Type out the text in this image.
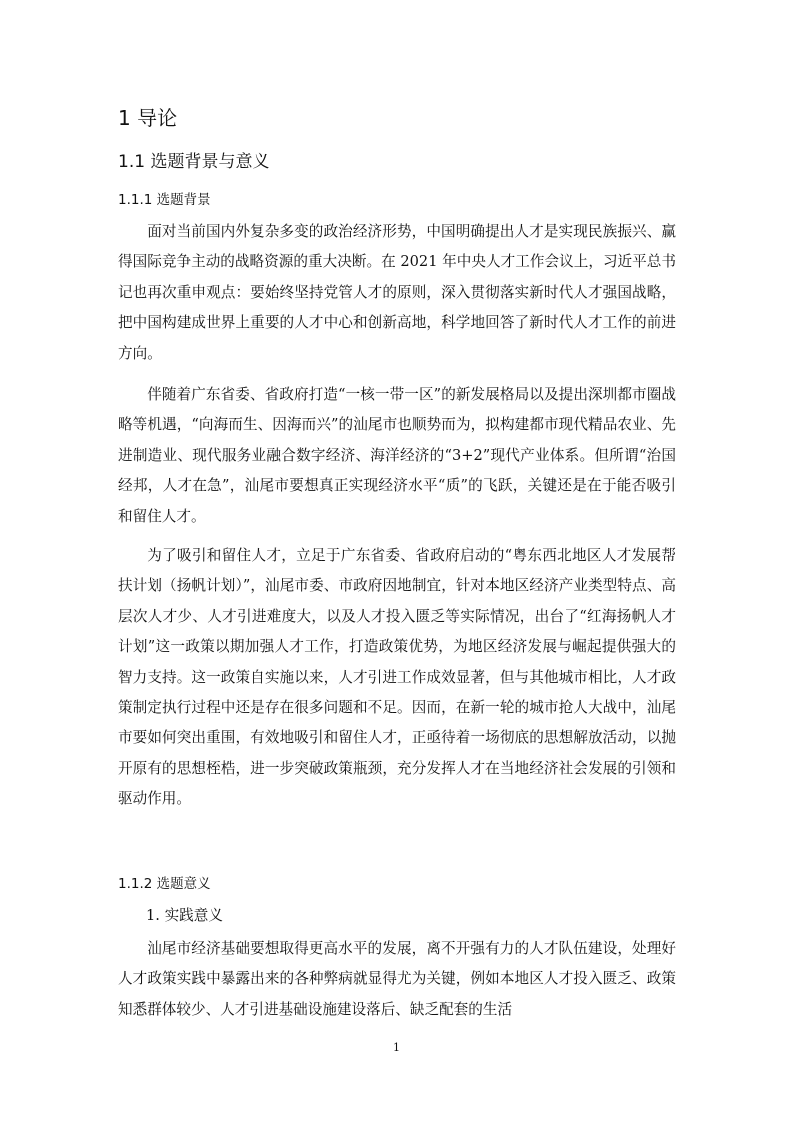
1 导论
1.1 选题背景与意义
1.1.1 选题背景

面对当前国内外复杂多变的政治经济形势，中国明确提出人才是实现民族振兴、赢得国际竞争主动的战略资源的重大决断。在 2021 年中央人才工作会议上，习近平总书记也再次重申观点：要始终坚持党管人才的原则，深入贯彻落实新时代人才强国战略，把中国构建成世界上重要的人才中心和创新高地，科学地回答了新时代人才工作的前进方向。

伴随着广东省委、省政府打造“一核一带一区”的新发展格局以及提出深圳都市圈战略等机遇，“向海而生、因海而兴”的汕尾市也顺势而为，拟构建都市现代精品农业、先进制造业、现代服务业融合数字经济、海洋经济的“3+2”现代产业体系。但所谓“治国经邦，人才在急”，汕尾市要想真正实现经济水平“质”的飞跃，关键还是在于能否吸引和留住人才。

为了吸引和留住人才，立足于广东省委、省政府启动的“粤东西北地区人才发展帮扶计划（扬帆计划）”，汕尾市委、市政府因地制宜，针对本地区经济产业类型特点、高层次人才少、人才引进难度大，以及人才投入匮乏等实际情况，出台了“红海扬帆人才计划”这一政策以期加强人才工作，打造政策优势，为地区经济发展与崛起提供强大的智力支持。这一政策自实施以来，人才引进工作成效显著，但与其他城市相比，人才政策制定执行过程中还是存在很多问题和不足。因而，在新一轮的城市抢人大战中，汕尾市要如何突出重围，有效地吸引和留住人才，正亟待着一场彻底的思想解放活动，以抛开原有的思想桎梏，进一步突破政策瓶颈，充分发挥人才在当地经济社会发展的引领和驱动作用。

1.1.2 选题意义
1. 实践意义

汕尾市经济基础要想取得更高水平的发展，离不开强有力的人才队伍建设，处理好人才政策实践中暴露出来的各种弊病就显得尤为关键，例如本地区人才投入匮乏、政策知悉群体较少、人才引进基础设施建设落后、缺乏配套的生活

1
